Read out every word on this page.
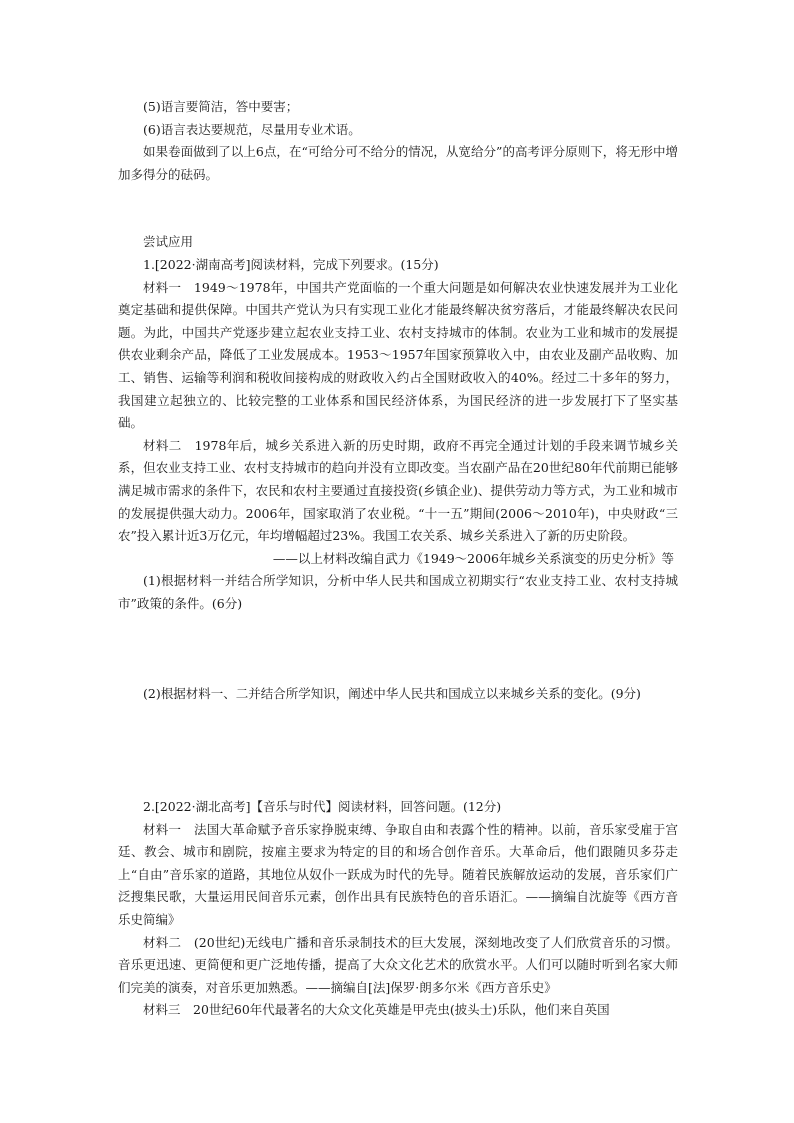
(5)语言要简洁，答中要害；

(6)语言表达要规范，尽量用专业术语。

如果卷面做到了以上6点，在“可给分可不给分的情况，从宽给分”的高考评分原则下，将无形中增加多得分的砝码。

尝试应用

1.[2022·湖南高考]阅读材料，完成下列要求。(15分)

材料一　1949～1978年，中国共产党面临的一个重大问题是如何解决农业快速发展并为工业化奠定基础和提供保障。中国共产党认为只有实现工业化才能最终解决贫穷落后，才能最终解决农民问题。为此，中国共产党逐步建立起农业支持工业、农村支持城市的体制。农业为工业和城市的发展提供农业剩余产品，降低了工业发展成本。1953～1957年国家预算收入中，由农业及副产品收购、加工、销售、运输等利润和税收间接构成的财政收入约占全国财政收入的40%。经过二十多年的努力，我国建立起独立的、比较完整的工业体系和国民经济体系，为国民经济的进一步发展打下了坚实基础。

材料二　1978年后，城乡关系进入新的历史时期，政府不再完全通过计划的手段来调节城乡关系，但农业支持工业、农村支持城市的趋向并没有立即改变。当农副产品在20世纪80年代前期已能够满足城市需求的条件下，农民和农村主要通过直接投资(乡镇企业)、提供劳动力等方式，为工业和城市的发展提供强大动力。2006年，国家取消了农业税。“十一五”期间(2006～2010年)，中央财政“三农”投入累计近3万亿元，年均增幅超过23%。我国工农关系、城乡关系进入了新的历史阶段。

——以上材料改编自武力《1949～2006年城乡关系演变的历史分析》等

(1)根据材料一并结合所学知识，分析中华人民共和国成立初期实行“农业支持工业、农村支持城市”政策的条件。(6分)

(2)根据材料一、二并结合所学知识，阐述中华人民共和国成立以来城乡关系的变化。(9分)

2.[2022·湖北高考]【音乐与时代】阅读材料，回答问题。(12分)

材料一　法国大革命赋予音乐家挣脱束缚、争取自由和表露个性的精神。以前，音乐家受雇于宫廷、教会、城市和剧院，按雇主要求为特定的目的和场合创作音乐。大革命后，他们跟随贝多芬走上“自由”音乐家的道路，其地位从奴仆一跃成为时代的先导。随着民族解放运动的发展，音乐家们广泛搜集民歌，大量运用民间音乐元素，创作出具有民族特色的音乐语汇。——摘编自沈旋等《西方音乐史简编》

材料二　(20世纪)无线电广播和音乐录制技术的巨大发展，深刻地改变了人们欣赏音乐的习惯。音乐更迅速、更简便和更广泛地传播，提高了大众文化艺术的欣赏水平。人们可以随时听到名家大师们完美的演奏，对音乐更加熟悉。——摘编自[法]保罗·朗多尔米《西方音乐史》

材料三　20世纪60年代最著名的大众文化英雄是甲壳虫(披头士)乐队，他们来自英国
